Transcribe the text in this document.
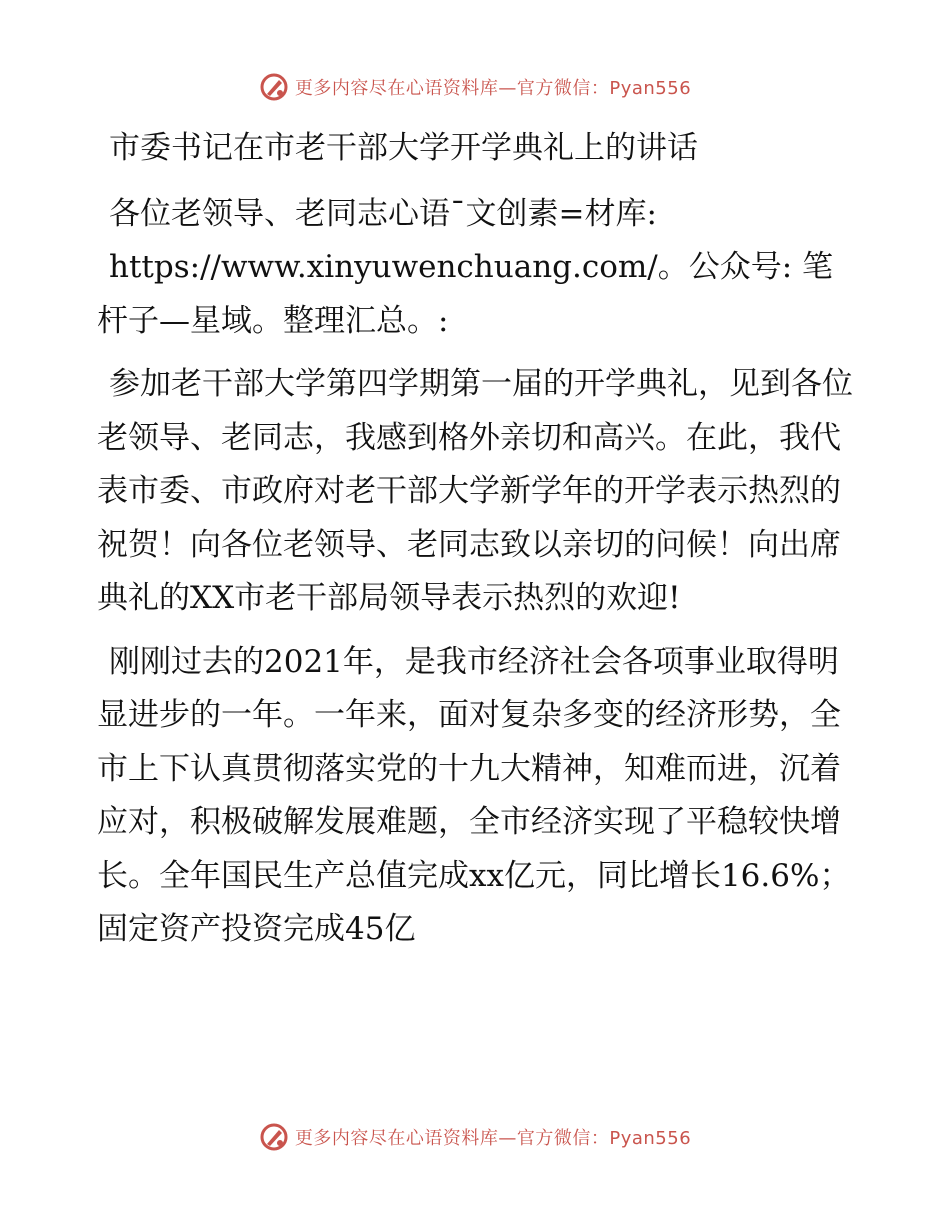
更多内容尽在心语资料库—官方微信：Pyan556

市委书记在市老干部大学开学典礼上的讲话

各位老领导、老同志心语¯文创素=材库:

https://www.xinyuwenchuang.com/。公众号: 笔

杆子—星域。整理汇总。:

参加老干部大学第四学期第一届的开学典礼，见到各位老领导、老同志，我感到格外亲切和高兴。在此，我代表市委、市政府对老干部大学新学年的开学表示热烈的祝贺！向各位老领导、老同志致以亲切的问候！向出席典礼的XX市老干部局领导表示热烈的欢迎!

刚刚过去的2021年，是我市经济社会各项事业取得明显进步的一年。一年来，面对复杂多变的经济形势，全市上下认真贯彻落实党的十九大精神，知难而进，沉着应对，积极破解发展难题，全市经济实现了平稳较快增长。全年国民生产总值完成xx亿元，同比增长16.6%；固定资产投资完成45亿

更多内容尽在心语资料库—官方微信：Pyan556
